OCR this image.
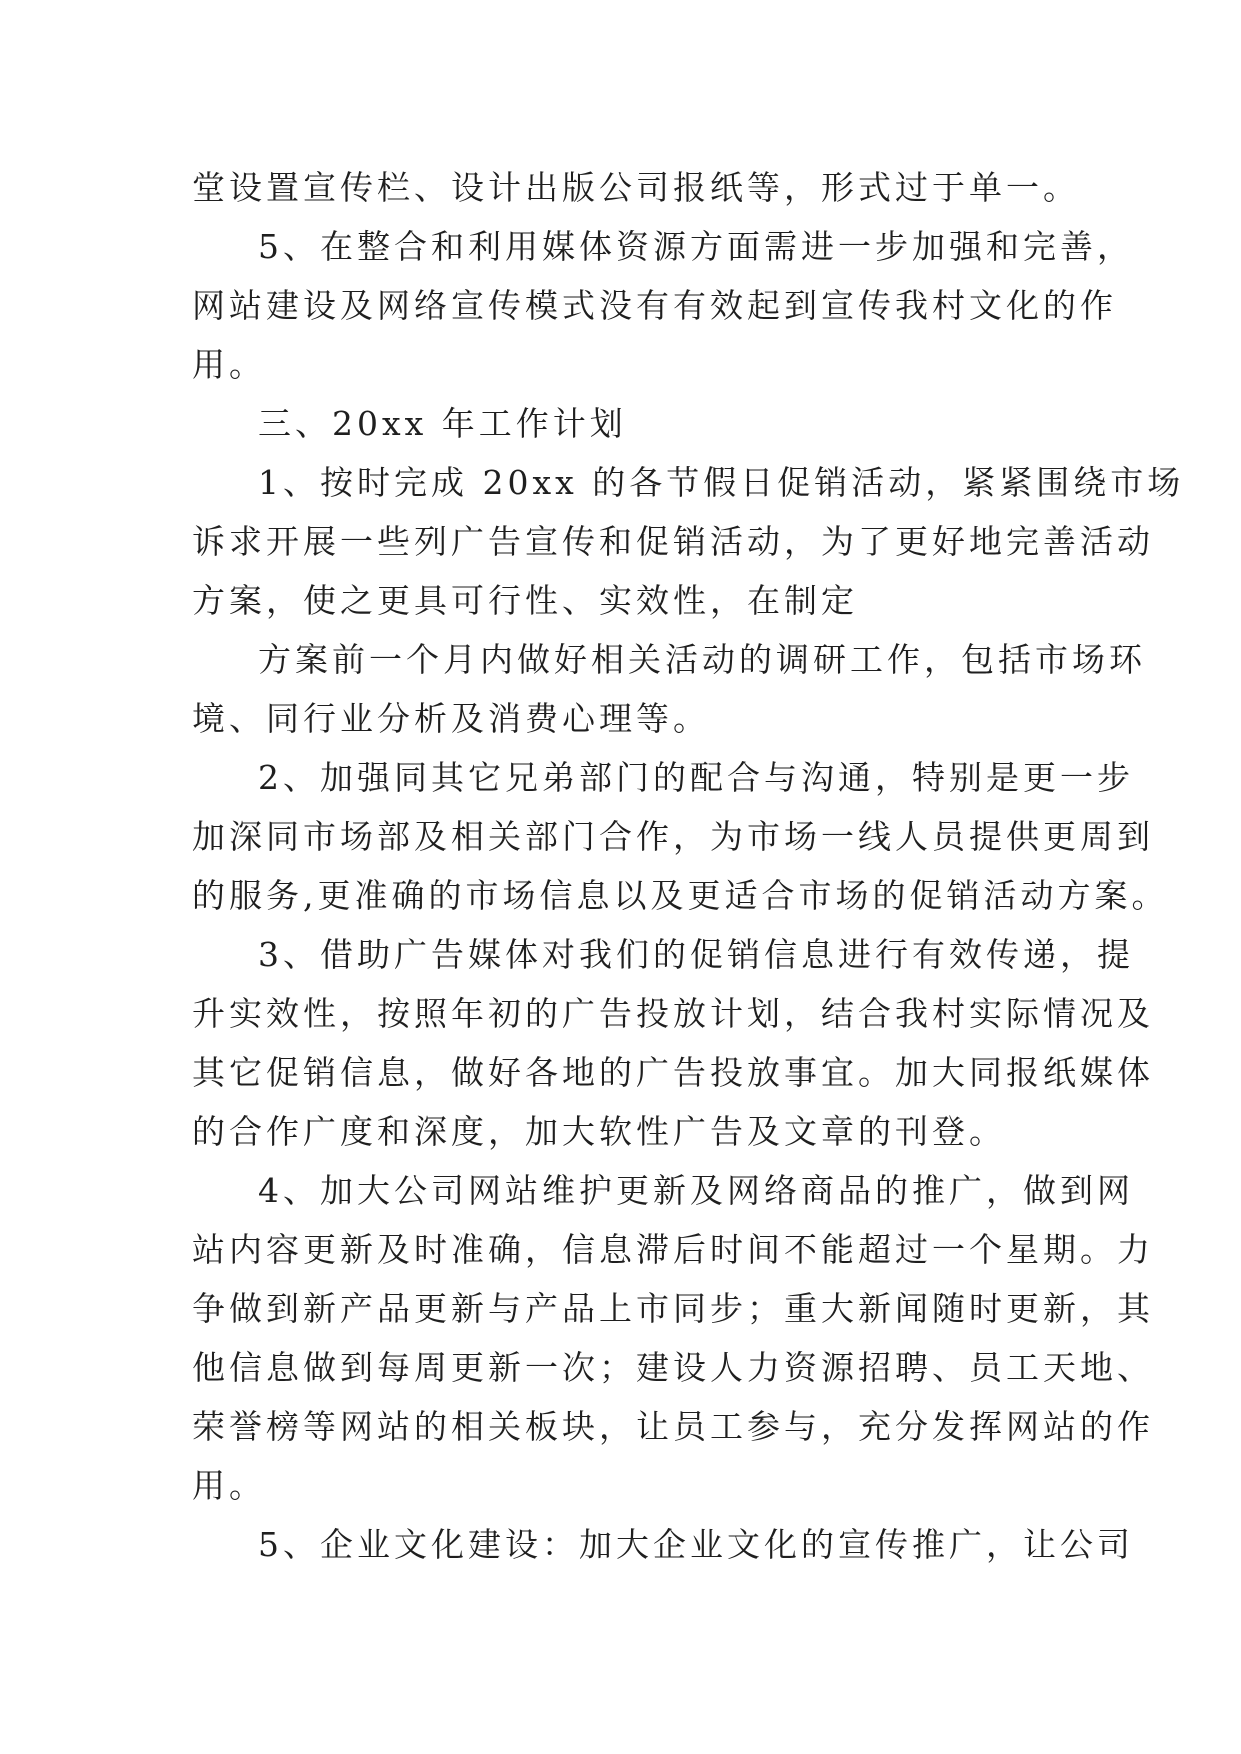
堂设置宣传栏、设计出版公司报纸等，形式过于单一。
5、在整合和利用媒体资源方面需进一步加强和完善，
网站建设及网络宣传模式没有有效起到宣传我村文化的作
用。
三、20xx 年工作计划
1、按时完成 20xx 的各节假日促销活动，紧紧围绕市场
诉求开展一些列广告宣传和促销活动，为了更好地完善活动
方案，使之更具可行性、实效性，在制定
方案前一个月内做好相关活动的调研工作，包括市场环
境、同行业分析及消费心理等。
2、加强同其它兄弟部门的配合与沟通，特别是更一步
加深同市场部及相关部门合作，为市场一线人员提供更周到
的服务,更准确的市场信息以及更适合市场的促销活动方案。
3、借助广告媒体对我们的促销信息进行有效传递，提
升实效性，按照年初的广告投放计划，结合我村实际情况及
其它促销信息，做好各地的广告投放事宜。加大同报纸媒体
的合作广度和深度，加大软性广告及文章的刊登。
4、加大公司网站维护更新及网络商品的推广，做到网
站内容更新及时准确，信息滞后时间不能超过一个星期。力
争做到新产品更新与产品上市同步；重大新闻随时更新，其
他信息做到每周更新一次；建设人力资源招聘、员工天地、
荣誉榜等网站的相关板块，让员工参与，充分发挥网站的作
用。
5、企业文化建设：加大企业文化的宣传推广，让公司
